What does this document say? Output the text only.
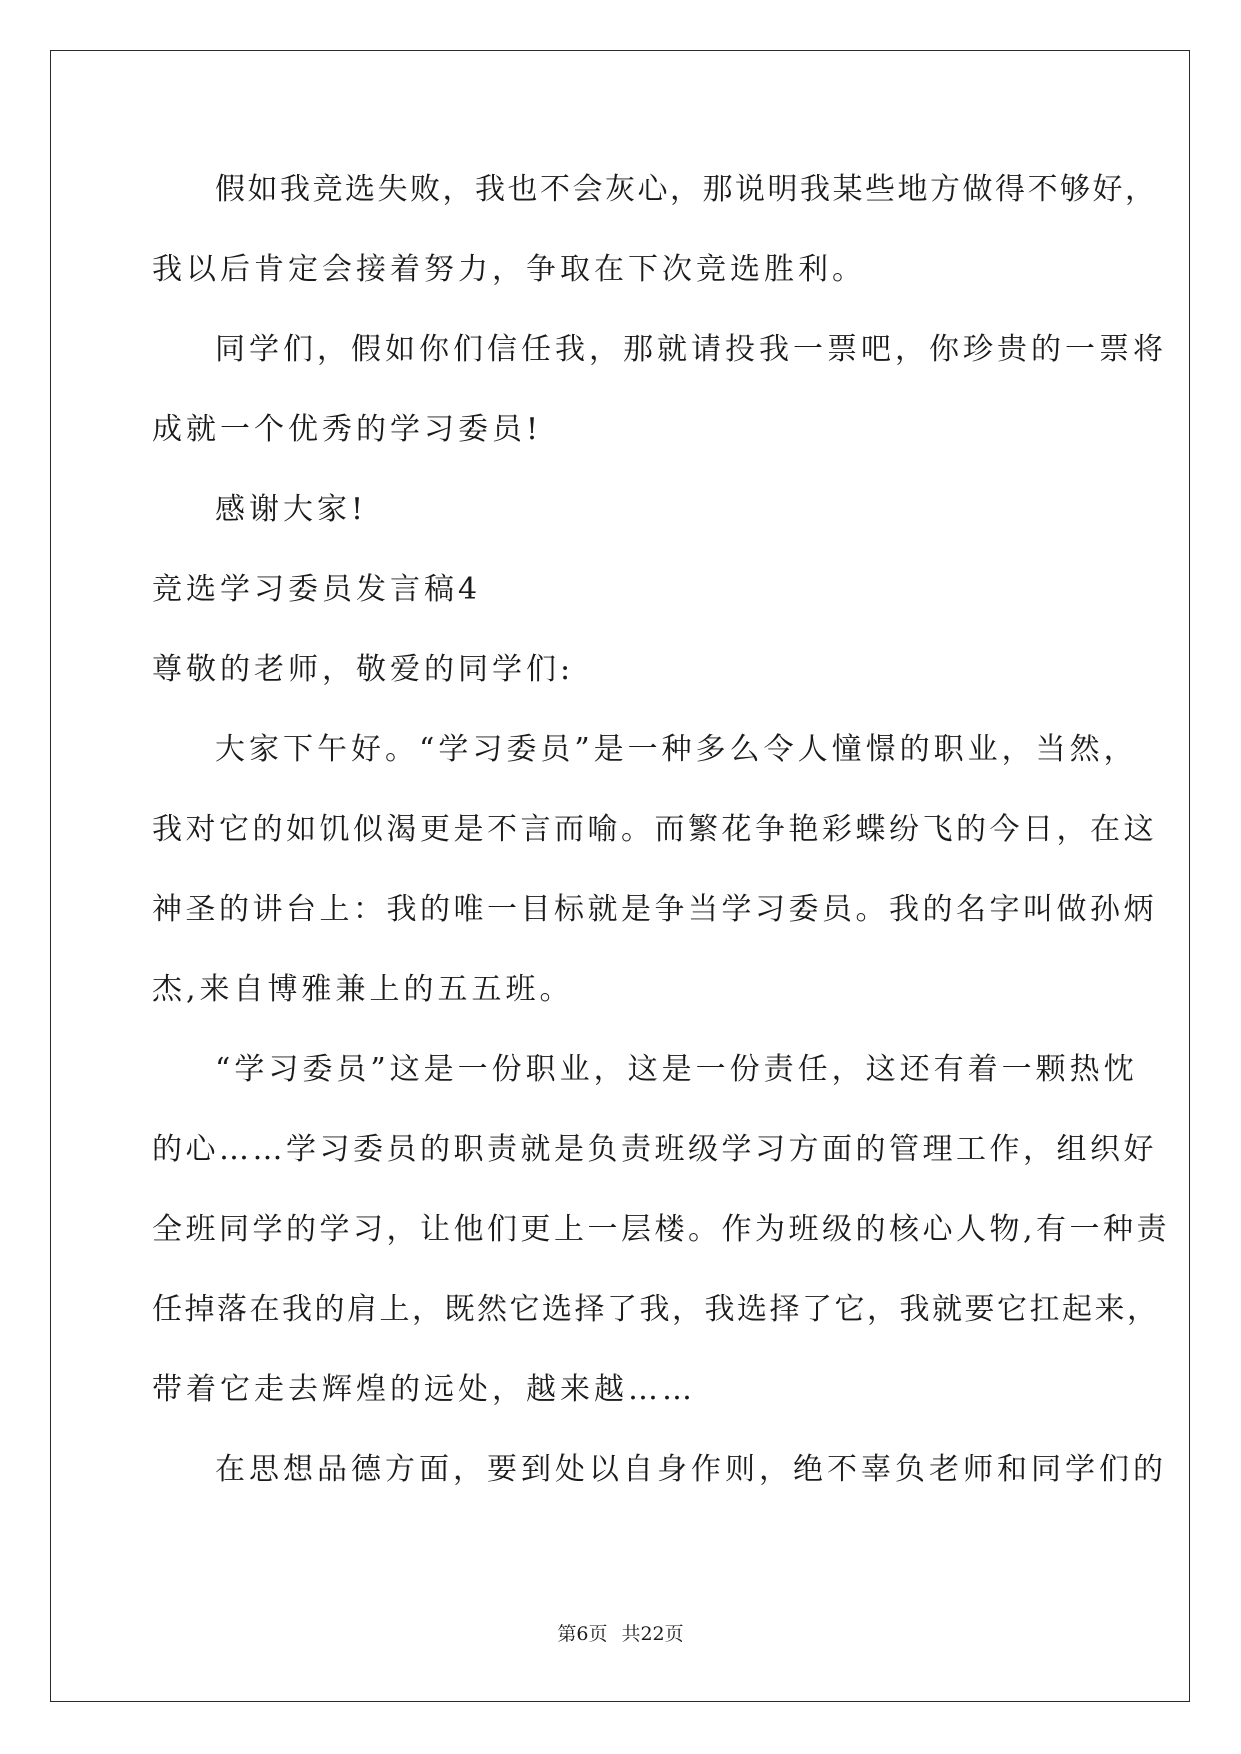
假如我竞选失败，我也不会灰心，那说明我某些地方做得不够好，

我以后肯定会接着努力，争取在下次竞选胜利。

同学们，假如你们信任我，那就请投我一票吧，你珍贵的一票将

成就一个优秀的学习委员!

感谢大家!

竞选学习委员发言稿4

尊敬的老师，敬爱的同学们:

大家下午好。“学习委员”是一种多么令人憧憬的职业，当然，

我对它的如饥似渴更是不言而喻。而繁花争艳彩蝶纷飞的今日，在这

神圣的讲台上：我的唯一目标就是争当学习委员。我的名字叫做孙炳

杰,来自博雅兼上的五五班。

“学习委员”这是一份职业，这是一份责任，这还有着一颗热忱

的心……学习委员的职责就是负责班级学习方面的管理工作，组织好

全班同学的学习，让他们更上一层楼。作为班级的核心人物,有一种责

任掉落在我的肩上，既然它选择了我，我选择了它，我就要它扛起来，

带着它走去辉煌的远处，越来越……

在思想品德方面，要到处以自身作则，绝不辜负老师和同学们的

第6页 共22页
